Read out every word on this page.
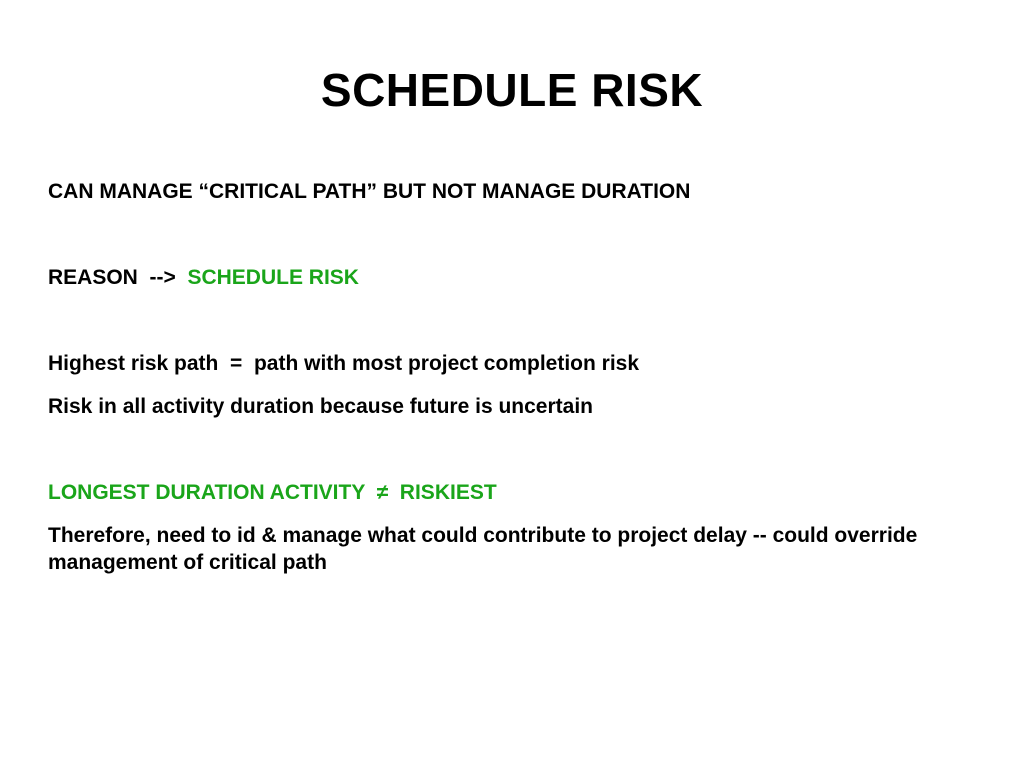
SCHEDULE RISK
CAN MANAGE “CRITICAL PATH” BUT NOT MANAGE DURATION
REASON  -->  SCHEDULE RISK
Highest risk path  =  path with most project completion risk
Risk in all activity duration because future is uncertain
LONGEST DURATION ACTIVITY  ≠  RISKIEST
Therefore, need to id & manage what could contribute to project delay -- could override management of critical path
